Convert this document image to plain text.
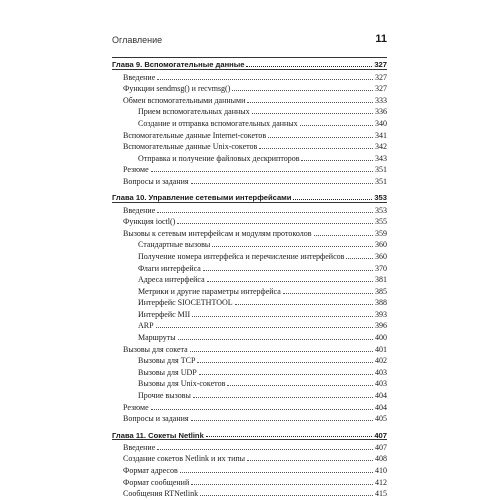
Оглавление	11
Глава 9. Вспомогательные данные	327
Введение	327
Функции sendmsg() и recvmsg()	327
Обмен вспомогательными данными	333
Прием вспомогательных данных	336
Создание и отправка вспомогательных данных	340
Вспомогательные данные Internet-сокетов	341
Вспомогательные данные Unix-сокетов	342
Отправка и получение файловых дескрипторов	343
Резюме	351
Вопросы и задания	351
Глава 10. Управление сетевыми интерфейсами	353
Введение	353
Функция ioctl()	355
Вызовы к сетевым интерфейсам и модулям протоколов	359
Стандартные вызовы	360
Получение номера интерфейса и перечисление интерфейсов	360
Флаги интерфейса	370
Адреса интерфейса	381
Метрики и другие параметры интерфейса	385
Интерфейс SIOCETHTOOL	388
Интерфейс MII	393
ARP	396
Маршруты	400
Вызовы для сокета	401
Вызовы для TCP	402
Вызовы для UDP	403
Вызовы для Unix-сокетов	403
Прочие вызовы	404
Резюме	404
Вопросы и задания	405
Глава 11. Сокеты Netlink	407
Введение	407
Создание сокетов Netlink и их типы	408
Формат адресов	410
Формат сообщений	412
Сообщения RTNetlink	415
